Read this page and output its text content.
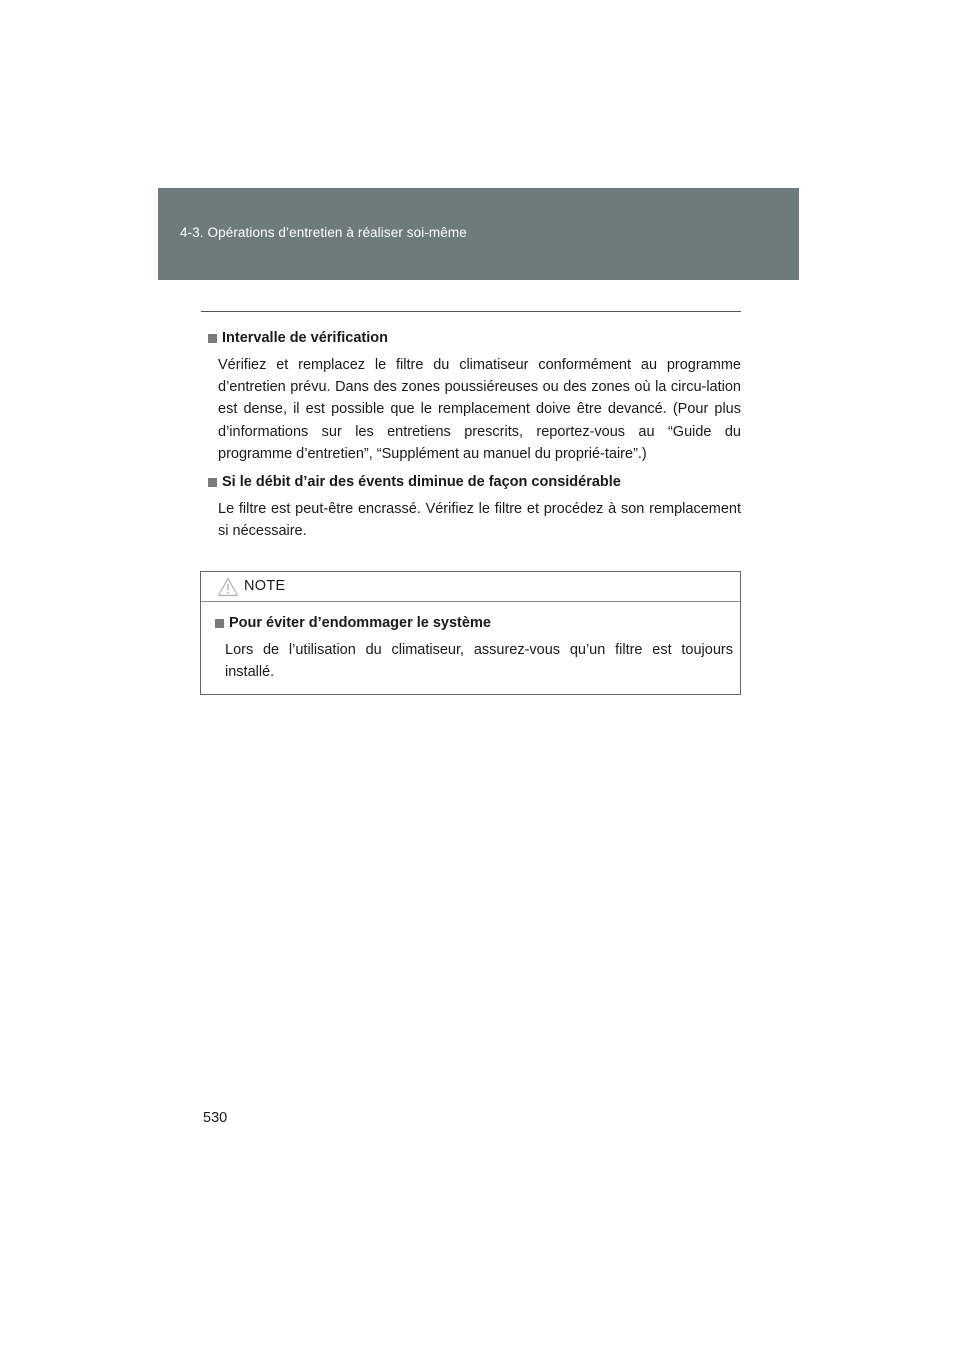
4-3. Opérations d’entretien à réaliser soi-même
Intervalle de vérification
Vérifiez et remplacez le filtre du climatiseur conformément au programme d’entretien prévu. Dans des zones poussiéreuses ou des zones où la circu-lation est dense, il est possible que le remplacement doive être devancé. (Pour plus d’informations sur les entretiens prescrits, reportez-vous au “Guide du programme d’entretien”, “Supplément au manuel du proprié-taire”.)
Si le débit d’air des évents diminue de façon considérable
Le filtre est peut-être encrassé. Vérifiez le filtre et procédez à son remplacement si nécessaire.
NOTE
Pour éviter d’endommager le système
Lors de l’utilisation du climatiseur, assurez-vous qu’un filtre est toujours installé.
530
